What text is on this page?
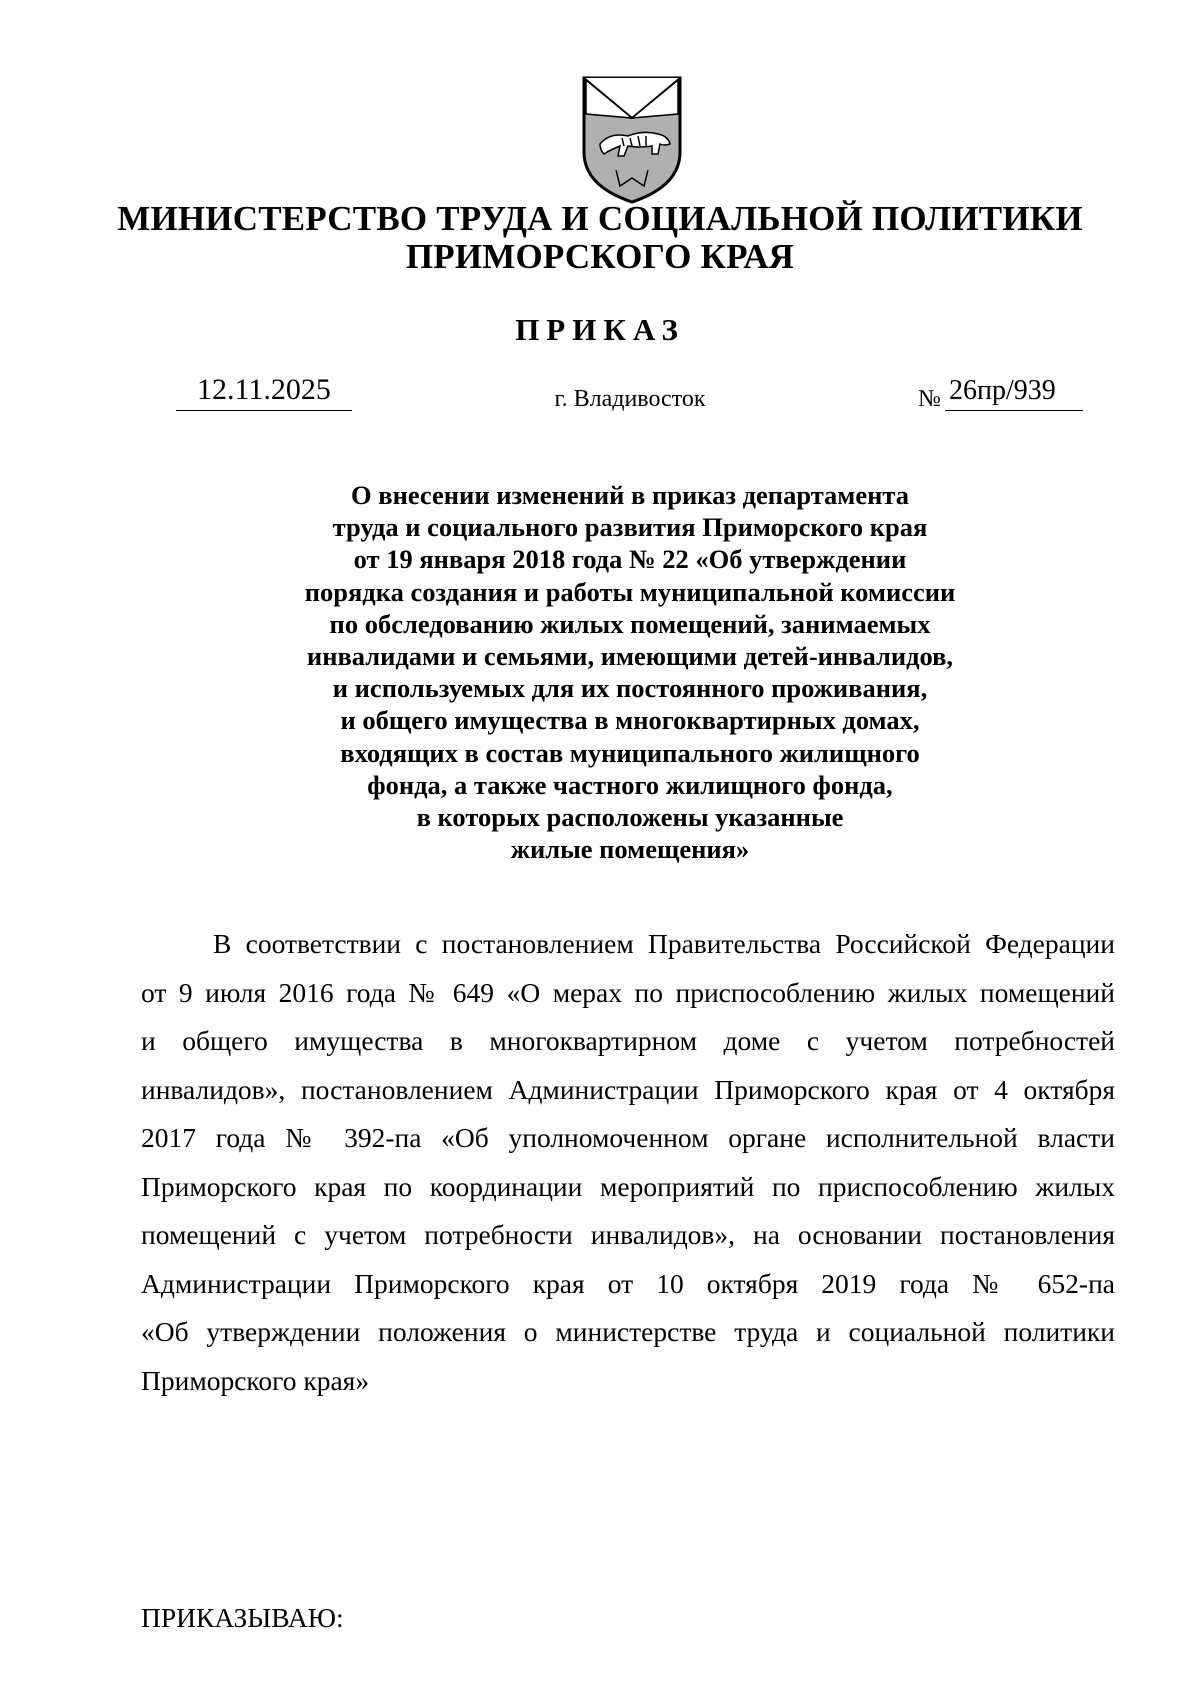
МИНИСТЕРСТВО ТРУДА И СОЦИАЛЬНОЙ ПОЛИТИКИ
ПРИМОРСКОГО КРАЯ
ПРИКАЗ
12.11.2025	г. Владивосток	№ 26пр/939
О внесении изменений в приказ департамента
труда и социального развития Приморского края
от 19 января 2018 года № 22 «Об утверждении
порядка создания и работы муниципальной комиссии
по обследованию жилых помещений, занимаемых
инвалидами и семьями, имеющими детей-инвалидов,
и используемых для их постоянного проживания,
и общего имущества в многоквартирных домах,
входящих в состав муниципального жилищного
фонда, а также частного жилищного фонда,
в которых расположены указанные
жилые помещения»
В соответствии с постановлением Правительства Российской Федерации
от 9 июля 2016 года № 649 «О мерах по приспособлению жилых помещений
и общего имущества в многоквартирном доме с учетом потребностей
инвалидов», постановлением Администрации Приморского края от 4 октября
2017 года № 392-па «Об уполномоченном органе исполнительной власти
Приморского края по координации мероприятий по приспособлению жилых
помещений с учетом потребности инвалидов», на основании постановления
Администрации Приморского края от 10 октября 2019 года № 652-па
«Об утверждении положения о министерстве труда и социальной политики
Приморского края»
ПРИКАЗЫВАЮ:
